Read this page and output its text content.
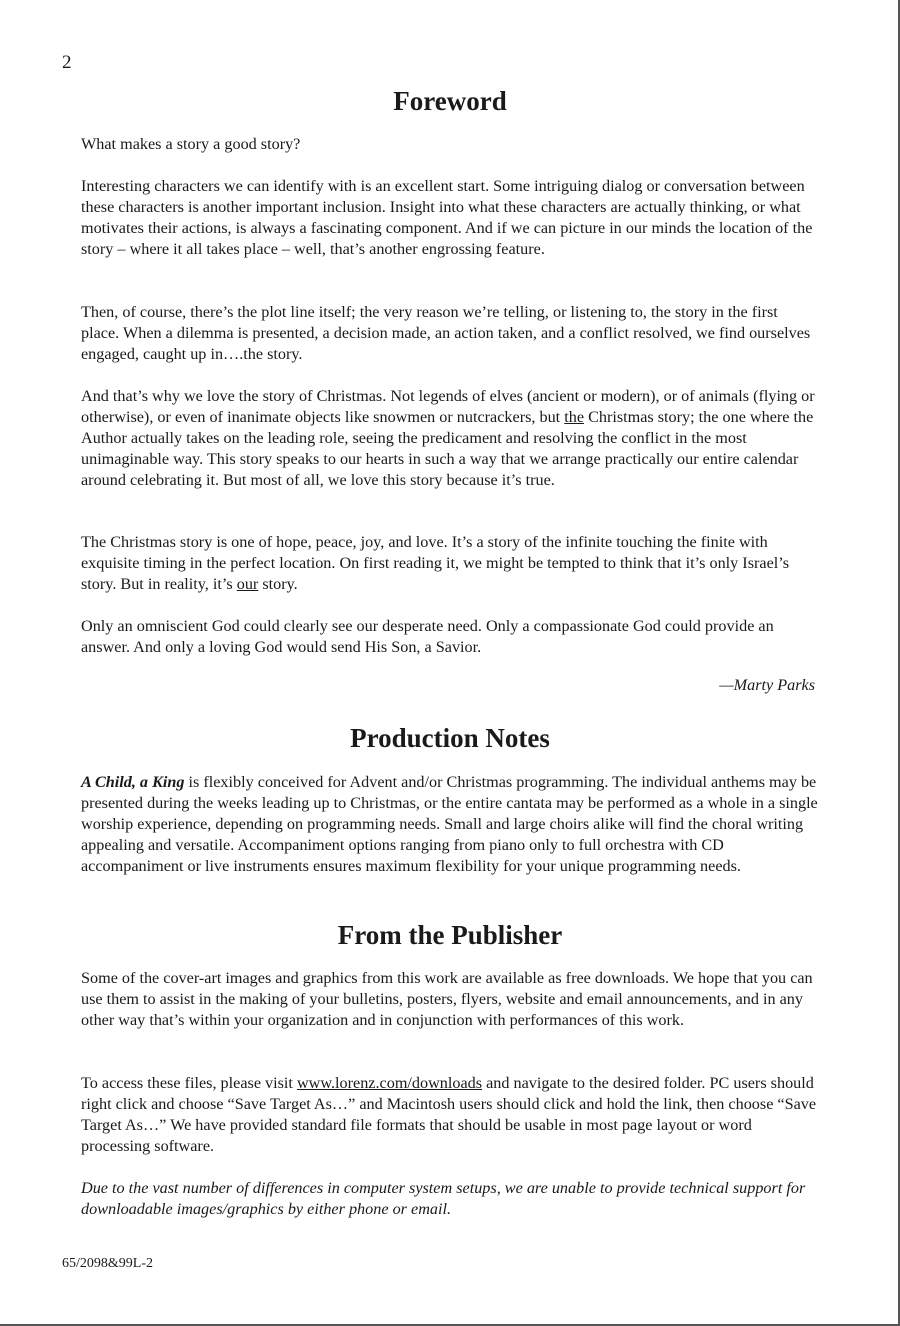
2
Foreword

What makes a story a good story?

Interesting characters we can identify with is an excellent start. Some intriguing dialog or conversation between these characters is another important inclusion. Insight into what these characters are actually thinking, or what motivates their actions, is always a fascinating component. And if we can picture in our minds the location of the story – where it all takes place – well, that’s another engrossing feature.

Then, of course, there’s the plot line itself; the very reason we’re telling, or listening to, the story in the first place. When a dilemma is presented, a decision made, an action taken, and a conflict resolved, we find ourselves engaged, caught up in….the story.

And that’s why we love the story of Christmas. Not legends of elves (ancient or modern), or of animals (flying or otherwise), or even of inanimate objects like snowmen or nutcrackers, but the Christmas story; the one where the Author actually takes on the leading role, seeing the predicament and resolving the conflict in the most unimaginable way. This story speaks to our hearts in such a way that we arrange practically our entire calendar around celebrating it. But most of all, we love this story because it’s true.

The Christmas story is one of hope, peace, joy, and love. It’s a story of the infinite touching the finite with exquisite timing in the perfect location. On first reading it, we might be tempted to think that it’s only Israel’s story. But in reality, it’s our story.

Only an omniscient God could clearly see our desperate need. Only a compassionate God could provide an answer. And only a loving God would send His Son, a Savior.

—Marty Parks
Production Notes

A Child, a King is flexibly conceived for Advent and/or Christmas programming. The individual anthems may be presented during the weeks leading up to Christmas, or the entire cantata may be performed as a whole in a single worship experience, depending on programming needs. Small and large choirs alike will find the choral writing appealing and versatile. Accompaniment options ranging from piano only to full orchestra with CD accompaniment or live instruments ensures maximum flexibility for your unique programming needs.

From the Publisher

Some of the cover-art images and graphics from this work are available as free downloads. We hope that you can use them to assist in the making of your bulletins, posters, flyers, website and email announcements, and in any other way that’s within your organization and in conjunction with performances of this work.

To access these files, please visit www.lorenz.com/downloads and navigate to the desired folder. PC users should right click and choose “Save Target As…” and Macintosh users should click and hold the link, then choose “Save Target As…” We have provided standard file formats that should be usable in most page layout or word processing software.

Due to the vast number of differences in computer system setups, we are unable to provide technical support for downloadable images/graphics by either phone or email.

65/2098&99L-2
